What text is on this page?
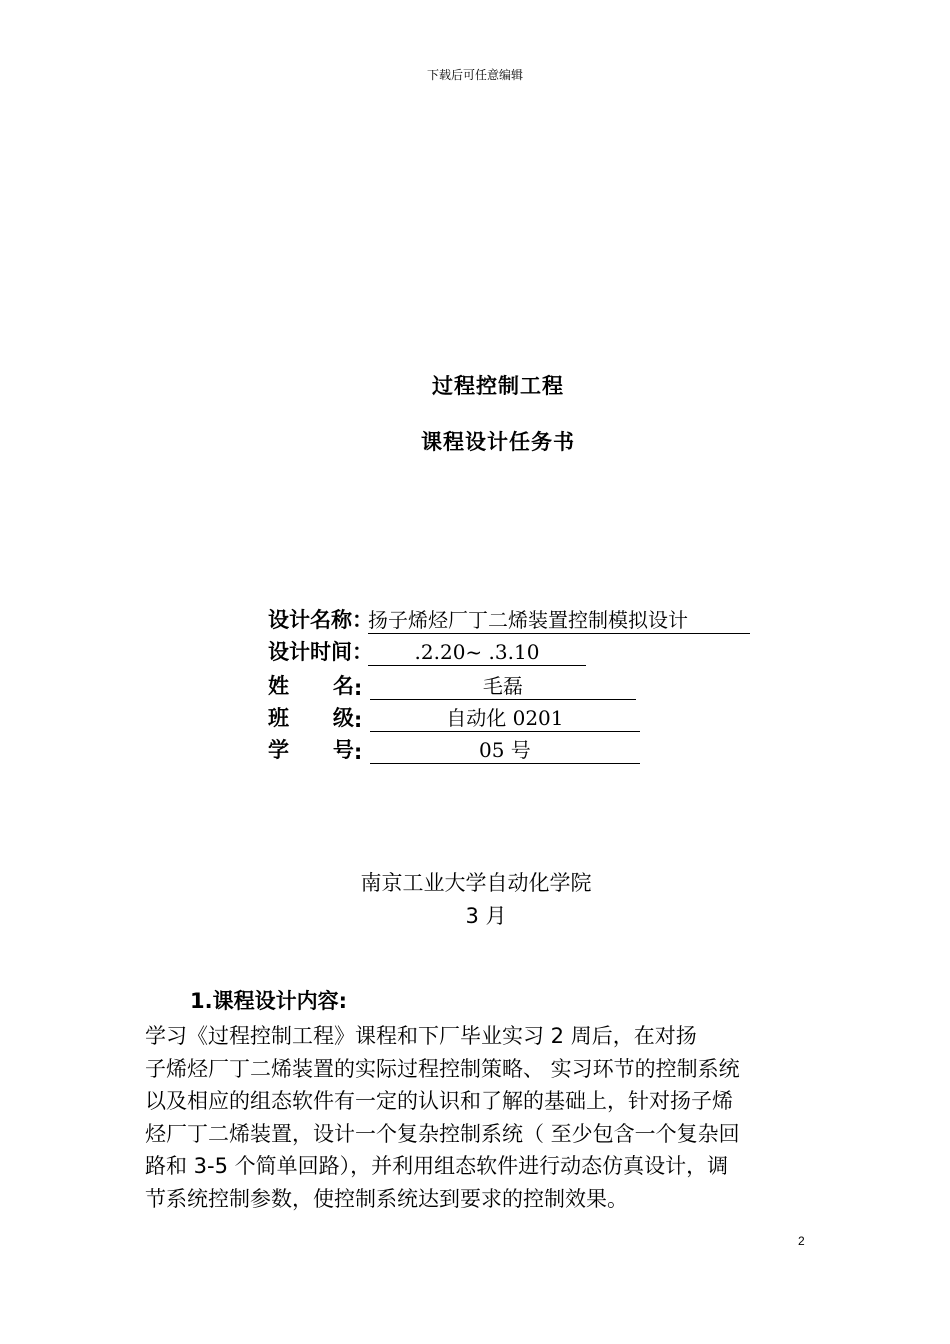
下载后可任意编辑
过程控制工程
课程设计任务书
设计名称 ：
扬子烯烃厂丁二烯装置控制模拟设计
设计时间 ：	.2.20~ .3.10
姓      名 :	毛磊
班      级 :	自动化 0201
学      号 :	05 号
南京工业大学自动化学院
3 月
1.课程设计内容:
学习《过程控制工程》课程和下厂毕业实习 2 周后，在对扬
子烯烃厂丁二烯装置的实际过程控制策略、 实习环节的控制系统
以及相应的组态软件有一定的认识和了解的基础上，针对扬子烯
烃厂丁二烯装置，设计一个复杂控制系统（ 至少包含一个复杂回
路和 3-5 个简单回路），并利用组态软件进行动态仿真设计，调
节系统控制参数，使控制系统达到要求的控制效果。
2
